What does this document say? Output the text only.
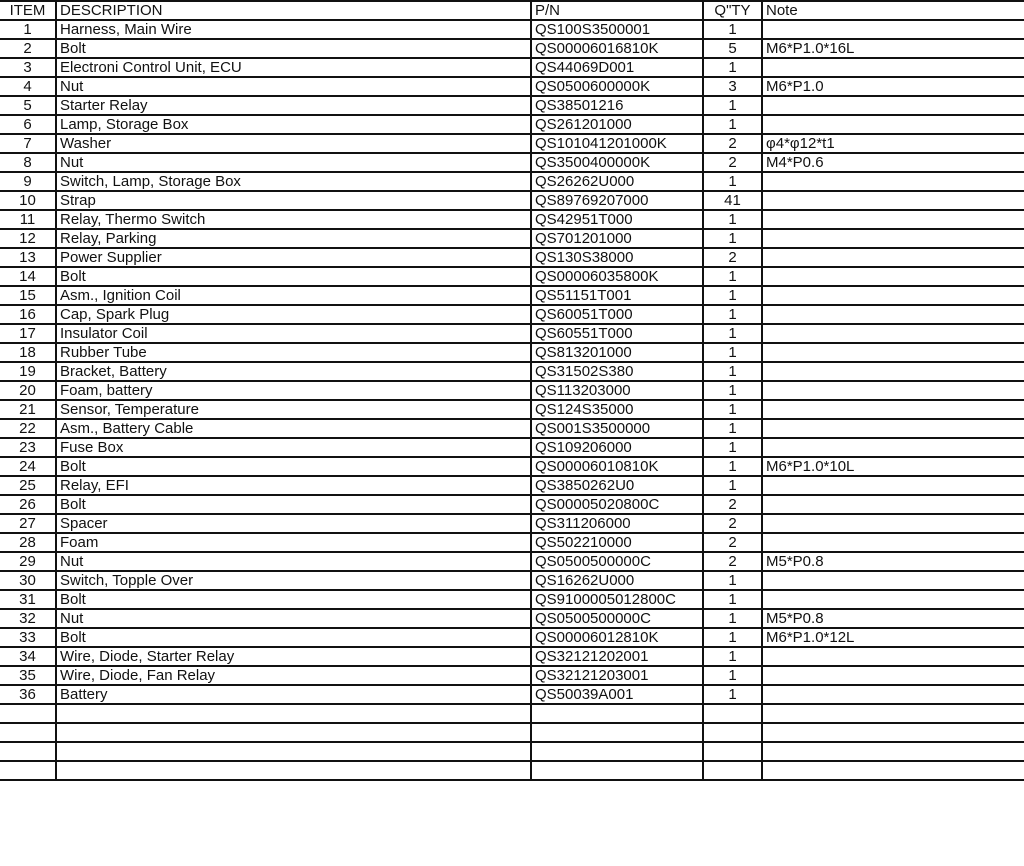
ITEM	DESCRIPTION	P/N	Q"TY	Note
1	Harness, Main Wire	QS100S3500001	1	
2	Bolt	QS00006016810K	5	M6*P1.0*16L
3	Electroni Control Unit, ECU	QS44069D001	1	
4	Nut	QS0500600000K	3	M6*P1.0
5	Starter Relay	QS38501216	1	
6	Lamp, Storage Box	QS261201000	1	
7	Washer	QS101041201000K	2	φ4*φ12*t1
8	Nut	QS3500400000K	2	M4*P0.6
9	Switch, Lamp, Storage Box	QS26262U000	1	
10	Strap	QS89769207000	41	
11	Relay, Thermo Switch	QS42951T000	1	
12	Relay, Parking	QS701201000	1	
13	Power Supplier	QS130S38000	2	
14	Bolt	QS00006035800K	1	
15	Asm., Ignition Coil	QS51151T001	1	
16	Cap, Spark Plug	QS60051T000	1	
17	Insulator Coil	QS60551T000	1	
18	Rubber Tube	QS813201000	1	
19	Bracket, Battery	QS31502S380	1	
20	Foam, battery	QS113203000	1	
21	Sensor, Temperature	QS124S35000	1	
22	Asm., Battery Cable	QS001S3500000	1	
23	Fuse Box	QS109206000	1	
24	Bolt	QS00006010810K	1	M6*P1.0*10L
25	Relay, EFI	QS3850262U0	1	
26	Bolt	QS00005020800C	2	
27	Spacer	QS311206000	2	
28	Foam	QS502210000	2	
29	Nut	QS0500500000C	2	M5*P0.8
30	Switch, Topple Over	QS16262U000	1	
31	Bolt	QS9100005012800C	1	
32	Nut	QS0500500000C	1	M5*P0.8
33	Bolt	QS00006012810K	1	M6*P1.0*12L
34	Wire, Diode, Starter Relay	QS32121202001	1	
35	Wire, Diode, Fan Relay	QS32121203001	1	
36	Battery	QS50039A001	1	
